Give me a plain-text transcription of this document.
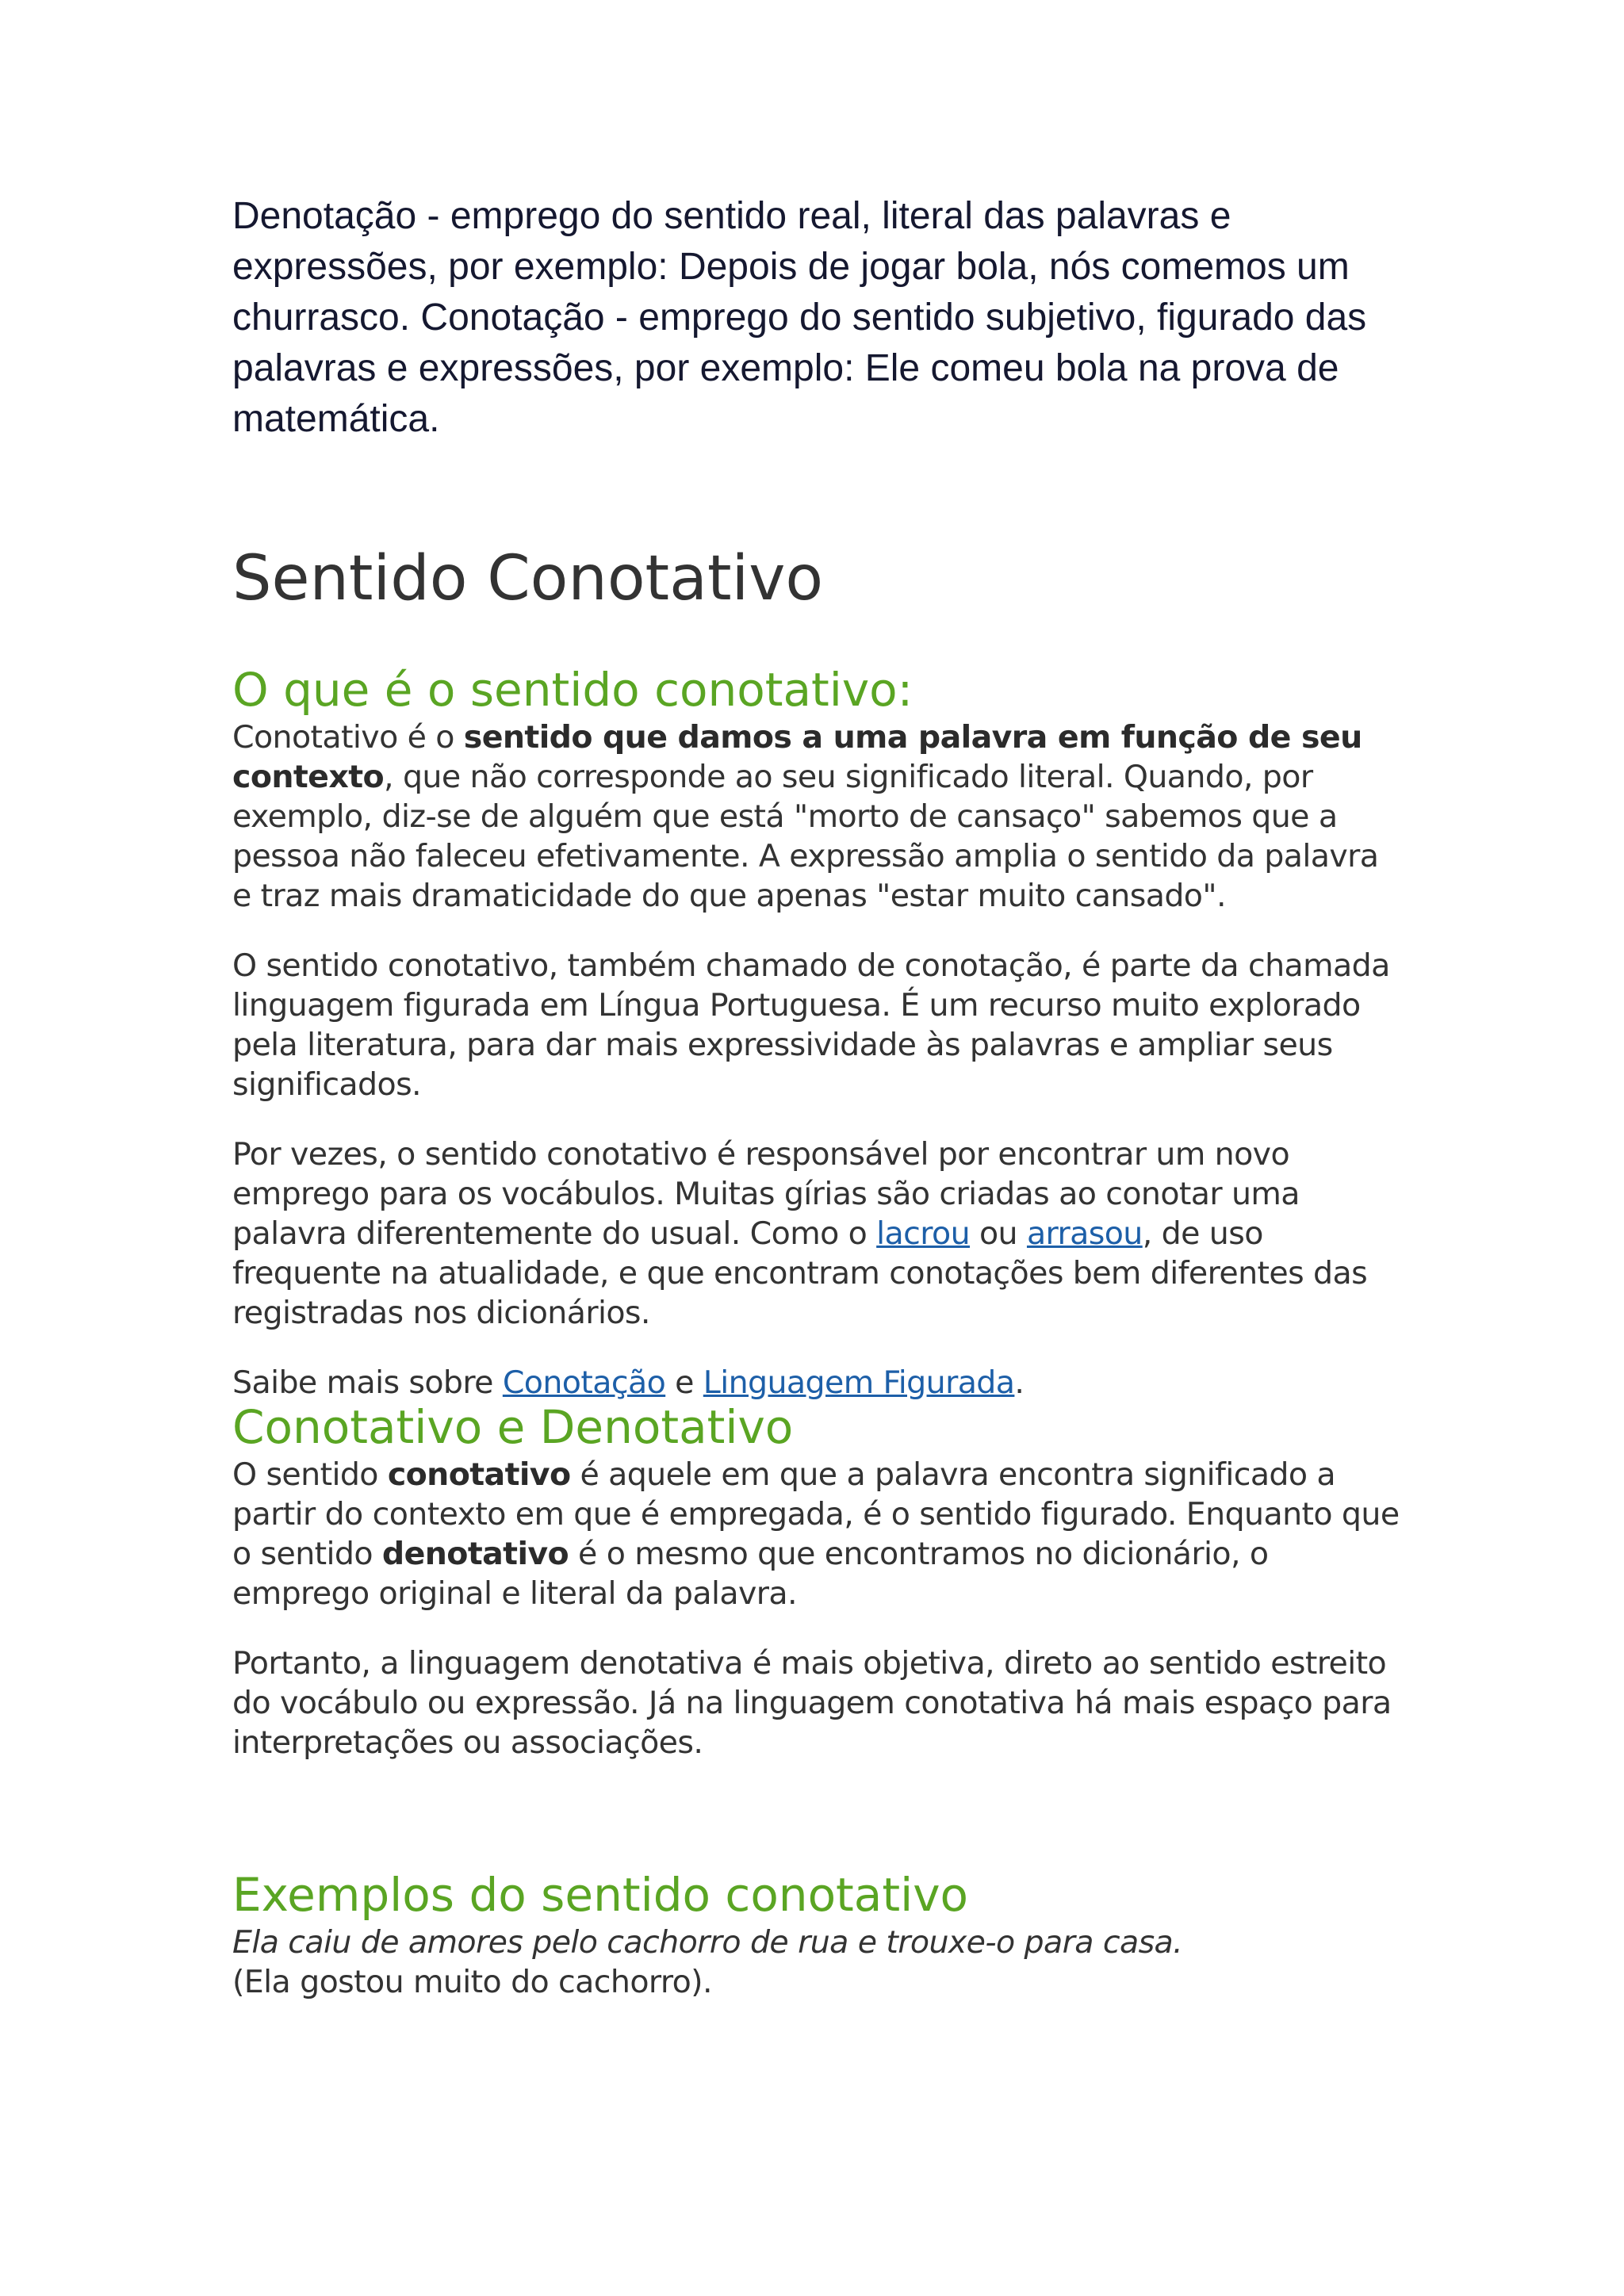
Denotação - emprego do sentido real, literal das palavras e expressões, por exemplo: Depois de jogar bola, nós comemos um churrasco. Conotação - emprego do sentido subjetivo, figurado das palavras e expressões, por exemplo: Ele comeu bola na prova de matemática.

Sentido Conotativo
O que é o sentido conotativo:

Conotativo é o sentido que damos a uma palavra em função de seu contexto, que não corresponde ao seu significado literal. Quando, por exemplo, diz-se de alguém que está "morto de cansaço" sabemos que a pessoa não faleceu efetivamente. A expressão amplia o sentido da palavra e traz mais dramaticidade do que apenas "estar muito cansado".

O sentido conotativo, também chamado de conotação, é parte da chamada linguagem figurada em Língua Portuguesa. É um recurso muito explorado pela literatura, para dar mais expressividade às palavras e ampliar seus significados.

Por vezes, o sentido conotativo é responsável por encontrar um novo emprego para os vocábulos. Muitas gírias são criadas ao conotar uma palavra diferentemente do usual. Como o lacrou ou arrasou, de uso frequente na atualidade, e que encontram conotações bem diferentes das registradas nos dicionários.

Saibe mais sobre Conotação e Linguagem Figurada.

Conotativo e Denotativo

O sentido conotativo é aquele em que a palavra encontra significado a partir do contexto em que é empregada, é o sentido figurado. Enquanto que o sentido denotativo é o mesmo que encontramos no dicionário, o emprego original e literal da palavra.

Portanto, a linguagem denotativa é mais objetiva, direto ao sentido estreito do vocábulo ou expressão. Já na linguagem conotativa há mais espaço para interpretações ou associações.

Exemplos do sentido conotativo

Ela caiu de amores pelo cachorro de rua e trouxe-o para casa.

(Ela gostou muito do cachorro).
